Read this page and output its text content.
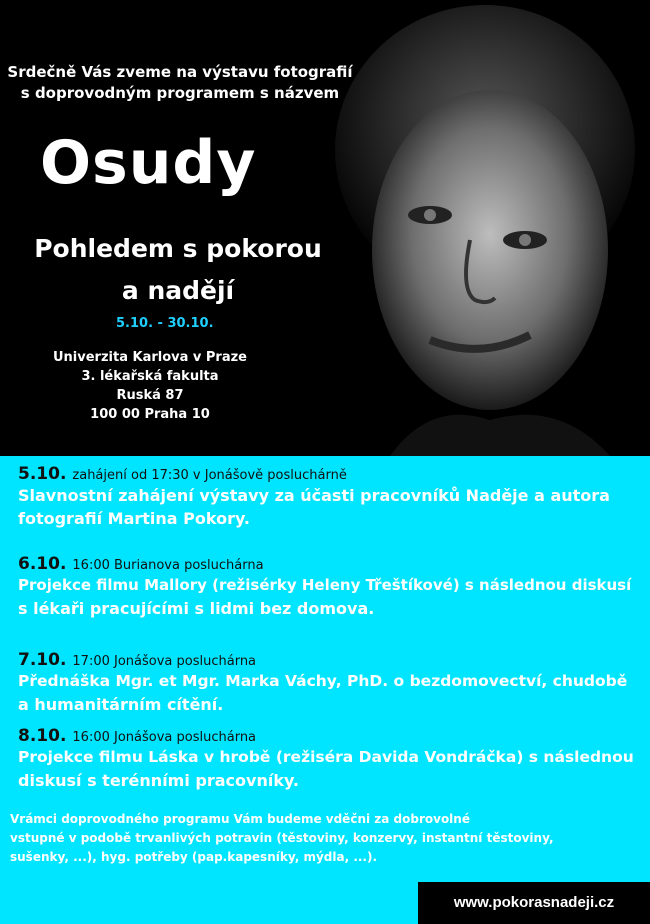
Srdečně Vás zveme na výstavu fotografií
s doprovodným programem s názvem
Osudy
Pohledem s pokorou
a nadějí
5.10. - 30.10.
Univerzita Karlova v Praze
3. lékařská fakulta
Ruská 87
100 00 Praha 10
5.10. zahájení od 17:30 v Jonášově posluchárně
Slavnostní zahájení výstavy za účasti pracovníků Naděje a autora
fotografií Martina Pokory.
6.10. 16:00 Burianova posluchárna
Projekce filmu Mallory (režisérky Heleny Třeštíkové) s následnou diskusí
s lékaři pracujícími s lidmi bez domova.
7.10. 17:00 Jonášova posluchárna
Přednáška Mgr. et Mgr. Marka Váchy, PhD. o bezdomovectví, chudobě
a humanitárním cítění.
8.10. 16:00 Jonášova posluchárna
Projekce filmu Láska v hrobě (režiséra Davida Vondráčka) s následnou
diskusí s terénními pracovníky.
Vrámci doprovodného programu Vám budeme vděčni za dobrovolné
vstupné v podobě trvanlivých potravin (těstoviny, konzervy, instantní těstoviny,
sušenky, ...), hyg. potřeby (pap.kapesníky, mýdla, ...).
www.pokorasnadeji.cz
